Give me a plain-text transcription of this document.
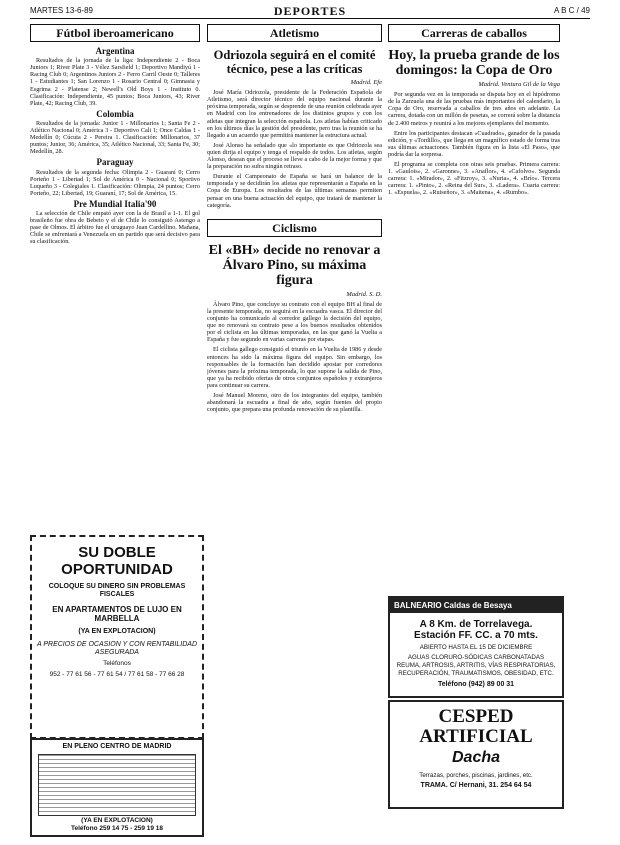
MARTES 13-6-89	DEPORTES	A B C / 49
Fútbol iberoamericano
Argentina

Resultados de la jornada de la liga: Independiente 2 - Boca Juniors 1; River Plate 3 - Vélez Sarsfield 1; Deportivo Mandiyú 1 - Racing Club 0; Argentinos Juniors 2 - Ferro Carril Oeste 0; Talleres 1 - Estudiantes 1; San Lorenzo 1 - Rosario Central 0; Gimnasia y Esgrima 2 - Platense 2; Newell's Old Boys 1 - Instituto 0. Clasificación: Independiente, 45 puntos; Boca Juniors, 43; River Plate, 42; Racing Club, 39.

Colombia

Resultados de la jornada: Junior 1 - Millonarios 1; Santa Fe 2 - Atlético Nacional 0; América 3 - Deportivo Cali 1; Once Caldas 1 - Medellín 0; Cúcuta 2 - Pereira 1. Clasificación: Millonarios, 37 puntos; Junior, 36; América, 35; Atlético Nacional, 33; Santa Fe, 30; Medellín, 28.

Paraguay

Resultados de la segunda fecha: Olimpia 2 - Guaraní 0; Cerro Porteño 1 - Libertad 1; Sol de América 0 - Nacional 0; Sportivo Luqueño 3 - Colegiales 1. Clasificación: Olimpia, 24 puntos; Cerro Porteño, 22; Libertad, 19; Guaraní, 17; Sol de América, 15.

Pre Mundial Italia'90

La selección de Chile empató ayer con la de Brasil a 1-1. El gol brasileño fue obra de Bebeto y el de Chile lo consiguió Astengo a pase de Olmos. El árbitro fue el uruguayo Juan Cardellino. Mañana, Chile se enfrentará a Venezuela en un partido que será decisivo para su clasificación.

SU DOBLE OPORTUNIDAD
COLOQUE SU DINERO SIN PROBLEMAS FISCALES
EN APARTAMENTOS DE LUJO EN MARBELLA
(YA EN EXPLOTACION)
A PRECIOS DE OCASION Y CON RENTABILIDAD ASEGURADA
Teléfonos
952 - 77 61 56 - 77 61 54 / 77 61 58 - 77 66 28
EN PLENO CENTRO DE MADRID
(YA EN EXPLOTACION)
Teléfono 259 14 75 - 259 19 18
Atletismo
Odriozola seguirá en el comité técnico, pese a las críticas
Madrid. Efe

José María Odriozola, presidente de la Federación Española de Atletismo, será director técnico del equipo nacional durante la próxima temporada, según se desprende de una reunión celebrada ayer en Madrid con los entrenadores de los distintos grupos y con los atletas que integran la selección española. Los atletas habían criticado en los últimos días la gestión del presidente, pero tras la reunión se ha llegado a un acuerdo que permitirá mantener la estructura actual.

José Alonso ha señalado que «lo importante es que Odriozola sea quien dirija el equipo y tenga el respaldo de todos. Los atletas, según Alonso, desean que el proceso se lleve a cabo de la mejor forma y que la preparación no sufra ningún retraso.

Durante el Campeonato de España se hará un balance de la temporada y se decidirán los atletas que representarán a España en la Copa de Europa. Los resultados de las últimas semanas permiten pensar en una buena actuación del equipo, que tratará de mantener la categoría.

Ciclismo
El «BH» decide no renovar a Álvaro Pino, su máxima figura
Madrid. S. D.

Álvaro Pino, que concluye su contrato con el equipo BH al final de la presente temporada, no seguirá en la escuadra vasca. El director del conjunto ha comunicado al corredor gallego la decisión del equipo, que no renovará su contrato pese a los buenos resultados obtenidos por el ciclista en las últimas temporadas, en las que ganó la Vuelta a España y fue segundo en varias carreras por etapas.

El ciclista gallego consiguió el triunfo en la Vuelta de 1986 y desde entonces ha sido la máxima figura del equipo. Sin embargo, los responsables de la formación han decidido apostar por corredores jóvenes para la próxima temporada, lo que supone la salida de Pino, que ya ha recibido ofertas de otros conjuntos españoles y extranjeros para continuar su carrera.

José Manuel Moreno, otro de los integrantes del equipo, también abandonará la escuadra a final de año, según fuentes del propio conjunto, que prepara una profunda renovación de su plantilla.

Carreras de caballos
Hoy, la prueba grande de los domingos: la Copa de Oro
Madrid. Ventura Gil de la Vega

Por segunda vez en la temporada se disputa hoy en el hipódromo de la Zarzuela una de las pruebas más importantes del calendario, la Copa de Oro, reservada a caballos de tres años en adelante. La carrera, dotada con un millón de pesetas, se correrá sobre la distancia de 2.400 metros y reunirá a los mejores ejemplares del momento.

Entre los participantes destacan «Cuadrado», ganador de la pasada edición, y «Tordillo», que llega en un magnífico estado de forma tras sus últimas actuaciones. También figura en la lista «El Paso», que podría dar la sorpresa.

El programa se completa con otras seis pruebas. Primera carrera: 1. «Gaulois», 2. «Garonne», 3. «Anaflor», 4. «Cafolvo». Segunda carrera: 1. «Mirador», 2. «Fitzroy», 3. «Nuria», 4. «Brío». Tercera carrera: 1. «Pinto», 2. «Reina del Sur», 3. «Ladera». Cuarta carrera: 1. «Espuela», 2. «Ruiseñor», 3. «Maitena», 4. «Rumbo».

BALNEARIO Caldas de Besaya
A 8 Km. de Torrelavega.
Estación FF. CC. a 70 mts.
ABIERTO HASTA EL 15 DE DICIEMBRE
AGUAS CLORURO-SÓDICAS CARBONATADAS
REUMA, ARTROSIS, ARTRITIS, VÍAS RESPIRATORIAS, RECUPERACIÓN, TRAUMATISMOS, OBESIDAD, ETC.
Teléfono (942) 89 00 31
CESPED ARTIFICIAL
Dacha
Terrazas, porches, piscinas, jardines, etc.
TRAMA. C/ Hernani, 31. 254 64 54
